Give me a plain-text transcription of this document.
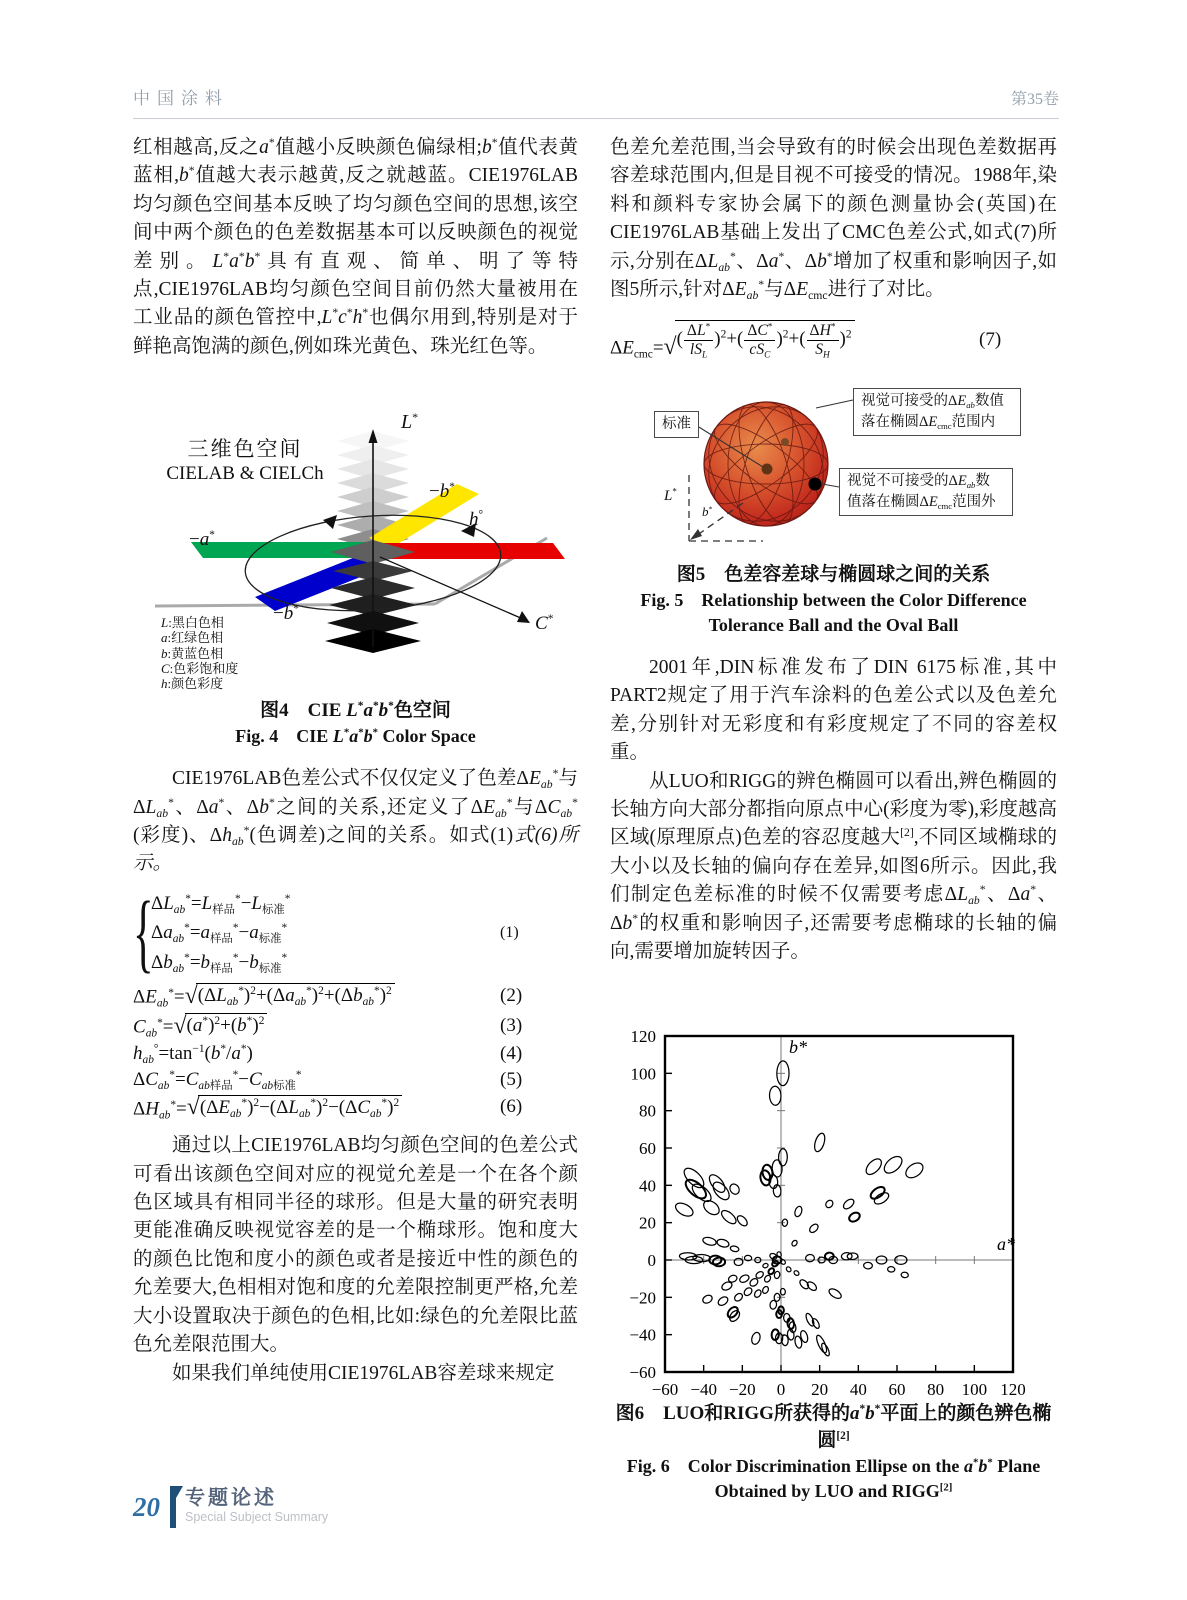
中国涂料	第35卷

红相越高,反之a*值越小反映颜色偏绿相;b*值代表黄蓝相,b*值越大表示越黄,反之就越蓝。CIE1976LAB均匀颜色空间基本反映了均匀颜色空间的思想,该空间中两个颜色的色差数据基本可以反映颜色的视觉差别。L*a*b*具有直观、简单、明了等特点,CIE1976LAB均匀颜色空间目前仍然大量被用在工业品的颜色管控中,L*c*h*也偶尔用到,特别是对于鲜艳高饱满的颜色,例如珠光黄色、珠光红色等。

三维色空间
CIELAB & CIELCh
L*
−b*
h°
−a*
−b*
C*
L:黑白色相
a:红绿色相
b:黄蓝色相
C:色彩饱和度
h:颜色彩度
图4　CIE L*a*b*色空间
Fig. 4　CIE L*a*b* Color Space

CIE1976LAB色差公式不仅仅定义了色差$\Delta E_{ab}^*$与$\Delta L_{ab}^*$、Δa*、Δb*之间的关系,还定义了$\Delta E_{ab}^*$与$\Delta C_{ab}^*$(彩度)、$\Delta h_{ab}^*$(色调差)之间的关系。如式(1)式(6)所示。

{
$\Delta L_{ab}^*=L_{样品}^*-L_{标准}^*$
$\Delta a_{ab}^*=a_{样品}^*-a_{标准}^*$
$\Delta b_{ab}^*=b_{样品}^*-b_{标准}^*$
(1)
$\Delta E_{ab}^*=$ √ $(\Delta L_{ab}^*)^2+(\Delta a_{ab}^*)^2+(\Delta b_{ab}^*)^2$	(2)
$C_{ab}^*=$ √ $(a^*)^2+(b^*)^2$	(3)
$h_{ab}^\circ=\tan^{-1}(b^*/a^*)$	(4)
$\Delta C_{ab}^*=C_{ab样品}^*-C_{ab标准}^*$	(5)
$\Delta H_{ab}^*=$ √ $(\Delta E_{ab}^*)^2-(\Delta L_{ab}^*)^2-(\Delta C_{ab}^*)^2$	(6)

通过以上CIE1976LAB均匀颜色空间的色差公式可看出该颜色空间对应的视觉允差是一个在各个颜色区域具有相同半径的球形。但是大量的研究表明更能准确反映视觉容差的是一个椭球形。饱和度大的颜色比饱和度小的颜色或者是接近中性的颜色的允差要大,色相相对饱和度的允差限控制更严格,允差大小设置取决于颜色的色相,比如:绿色的允差限比蓝色允差限范围大。

如果我们单纯使用CIE1976LAB容差球来规定

色差允差范围,当会导致有的时候会出现色差数据再容差球范围内,但是目视不可接受的情况。1988年,染料和颜料专家协会属下的颜色测量协会(英国)在CIE1976LAB基础上发出了CMC色差公式,如式(7)所示,分别在$\Delta L_{ab}^*$、Δa*、Δb*增加了权重和影响因子,如图5所示,针对$\Delta E_{ab}^*$与$\Delta E_{cmc}$进行了对比。

$\Delta E_{cmc}=$ √ ( $\frac{\Delta L^*}{lS_L} )^2+( \frac{\Delta C^*}{cS_C} )^2+( \frac{\Delta H^*}{S_H} )^2$	(7)
标准
视觉可接受的$\Delta E_{ab}$数值
落在椭圆$\Delta E_{cmc}$范围内
视觉不可接受的$\Delta E_{ab}$数
值落在椭圆$\Delta E_{cmc}$范围外
L*
b*
图5　色差容差球与椭圆球之间的关系
Fig. 5　Relationship between the Color Difference
Tolerance Ball and the Oval Ball

2001年,DIN标准发布了DIN 6175标准,其中PART2规定了用于汽车涂料的色差公式以及色差允差,分别针对无彩度和有彩度规定了不同的容差权重。

从LUO和RIGG的辨色椭圆可以看出,辨色椭圆的长轴方向大部分都指向原点中心(彩度为零),彩度越高区域(原理原点)色差的容忍度越大[2],不同区域椭球的大小以及长轴的偏向存在差异,如图6所示。因此,我们制定色差标准的时候不仅需要考虑$\Delta L_{ab}^*$、Δa*、Δb*的权重和影响因子,还需要考虑椭球的长轴的偏向,需要增加旋转因子。

−60
−40
−20
0
20
40
60
80
100
120
−60 −40 −20 0 20 40 60 80 100 120
b*
a*
图6　LUO和RIGG所获得的a*b*平面上的颜色辨色椭圆[2]
Fig. 6　Color Discrimination Ellipse on the a*b* Plane
Obtained by LUO and RIGG[2]
20 专题论述
Special Subject Summary
